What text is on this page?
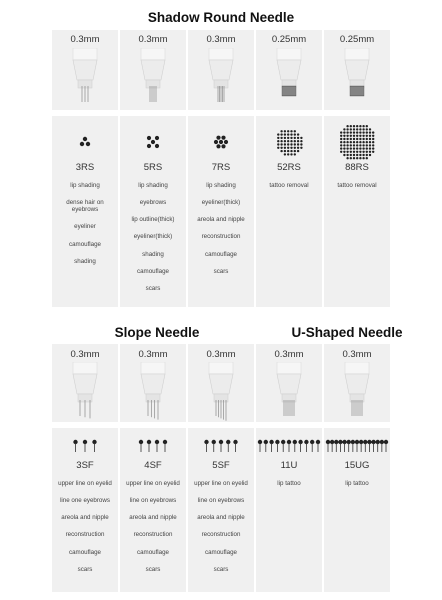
Shadow Round Needle
0.3mm
3RS
lip shading
dense hair on eyebrows
eyeliner
camouflage
shading
0.3mm
5RS
lip shading
eyebrows
lip outline(thick)
eyeliner(thick)
shading
camouflage
scars
0.3mm
7RS
lip shading
eyeliner(thick)
areola and nipple
reconstruction
camouflage
scars
0.25mm
52RS
tattoo removal
0.25mm
88RS
tattoo removal
Slope Needle	U-Shaped Needle
0.3mm
3SF
upper line on eyelid
line one eyebrows
areola and nipple
reconstruction
camouflage
scars
0.3mm
4SF
upper line on eyelid
line on eyebrows
areola and nipple
reconstruction
camouflage
scars
0.3mm
5SF
upper line on eyelid
line on eyebrows
areola and nipple
reconstruction
camouflage
scars
0.3mm
11U
lip tattoo
0.3mm
15UG
lip tattoo
